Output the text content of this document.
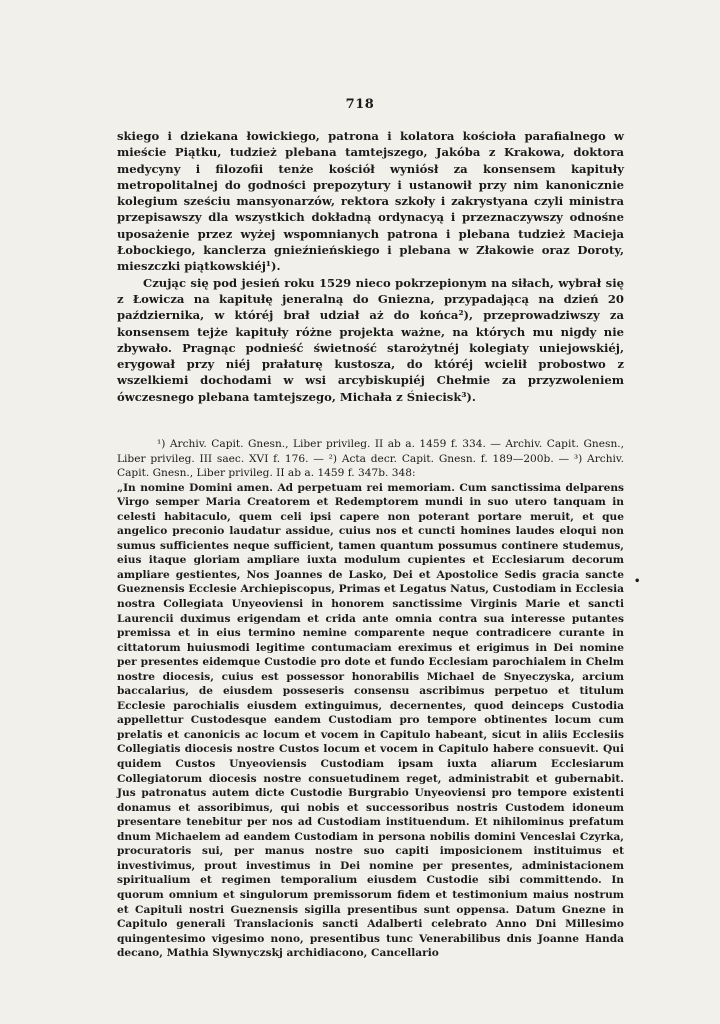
718

skiego i dziekana łowickiego, patrona i kolatora kościoła parafialnego w mieście Piątku, tudzież plebana tamtejszego, Jakóba z Krakowa, doktora medycyny i filozofii tenże kościół wyniósł za konsensem kapituły metropolitalnej do godności prepozytury i ustanowił przy nim kanonicznie kolegium sześciu mansyonarzów, rektora szkoły i zakrystyana czyli ministra przepisawszy dla wszystkich dokładną ordynacyą i przeznaczywszy odnośne uposażenie przez wyżej wspomnianych patrona i plebana tudzież Macieja Łobockiego, kanclerza gnieźnieńskiego i plebana w Złakowie oraz Doroty, mieszczki piątkowskiéj¹).

Czując się pod jesień roku 1529 nieco pokrzepionym na siłach, wybrał się z Łowicza na kapitułę jeneralną do Gniezna, przypadającą na dzień 20 października, w któréj brał udział aż do końca²), przeprowadziwszy za konsensem tejże kapituły różne projekta ważne, na których mu nigdy nie zbywało. Pragnąc podnieść świetność starożytnéj kolegiaty uniejowskiéj, erygował przy niéj prałaturę kustosza, do któréj wcielił probostwo z wszelkiemi dochodami w wsi arcybiskupiéj Chełmie za przyzwoleniem ówczesnego plebana tamtejszego, Michała z Śniecisk³).

¹) Archiv. Capit. Gnesn., Liber privileg. II ab a. 1459 f. 334. — Archiv. Capit. Gnesn., Liber privileg. III saec. XVI f. 176. — ²) Acta decr. Capit. Gnesn. f. 189—200b. — ³) Archiv. Capit. Gnesn., Liber privileg. II ab a. 1459 f. 347b. 348:

„In nomine Domini amen. Ad perpetuam rei memoriam. Cum sanctissima delparens Virgo semper Maria Creatorem et Redemptorem mundi in suo utero tanquam in celesti habitaculo, quem celi ipsi capere non poterant portare meruit, et que angelico preconio laudatur assidue, cuius nos et cuncti homines laudes eloqui non sumus sufficientes neque sufficient, tamen quantum possumus continere studemus, eius itaque gloriam ampliare iuxta modulum cupientes et Ecclesiarum decorum ampliare gestientes, Nos Joannes de Lasko, Dei et Apostolice Sedis gracia sancte Gueznensis Ecclesie Archiepiscopus, Primas et Legatus Natus, Custodiam in Ecclesia nostra Collegiata Unyeoviensi in honorem sanctissime Virginis Marie et sancti Laurencii duximus erigendam et crida ante omnia contra sua interesse putantes premissa et in eius termino nemine comparente neque contradicere curante in cittatorum huiusmodi legitime contumaciam ereximus et erigimus in Dei nomine per presentes eidemque Custodie pro dote et fundo Ecclesiam parochialem in Chelm nostre diocesis, cuius est possessor honorabilis Michael de Snyeczyska, arcium baccalarius, de eiusdem posseseris consensu ascribimus perpetuo et titulum Ecclesie parochialis eiusdem extinguimus, decernentes, quod deinceps Custodia appellettur Custodesque eandem Custodiam pro tempore obtinentes locum cum prelatis et canonicis ac locum et vocem in Capitulo habeant, sicut in aliis Ecclesiis Collegiatis diocesis nostre Custos locum et vocem in Capitulo habere consuevit. Qui quidem Custos Unyeoviensis Custodiam ipsam iuxta aliarum Ecclesiarum Collegiatorum diocesis nostre consuetudinem reget, administrabit et gubernabit. Jus patronatus autem dicte Custodie Burgrabio Unyeoviensi pro tempore existenti donamus et assoribimus, qui nobis et successoribus nostris Custodem idoneum presentare tenebitur per nos ad Custodiam instituendum. Et nihilominus prefatum dnum Michaelem ad eandem Custodiam in persona nobilis domini Venceslai Czyrka, procuratoris sui, per manus nostre suo capiti imposicionem instituimus et investivimus, prout investimus in Dei nomine per presentes, administacionem spiritualium et regimen temporalium eiusdem Custodie sibi committendo. In quorum omnium et singulorum premissorum fidem et testimonium maius nostrum et Capituli nostri Gueznensis sigilla presentibus sunt oppensa. Datum Gnezne in Capitulo generali Translacionis sancti Adalberti celebrato Anno Dni Millesimo quingentesimo vigesimo nono, presentibus tunc Venerabilibus dnis Joanne Handa decano, Mathia Slywnyczskj archidiacono, Cancellario

•
